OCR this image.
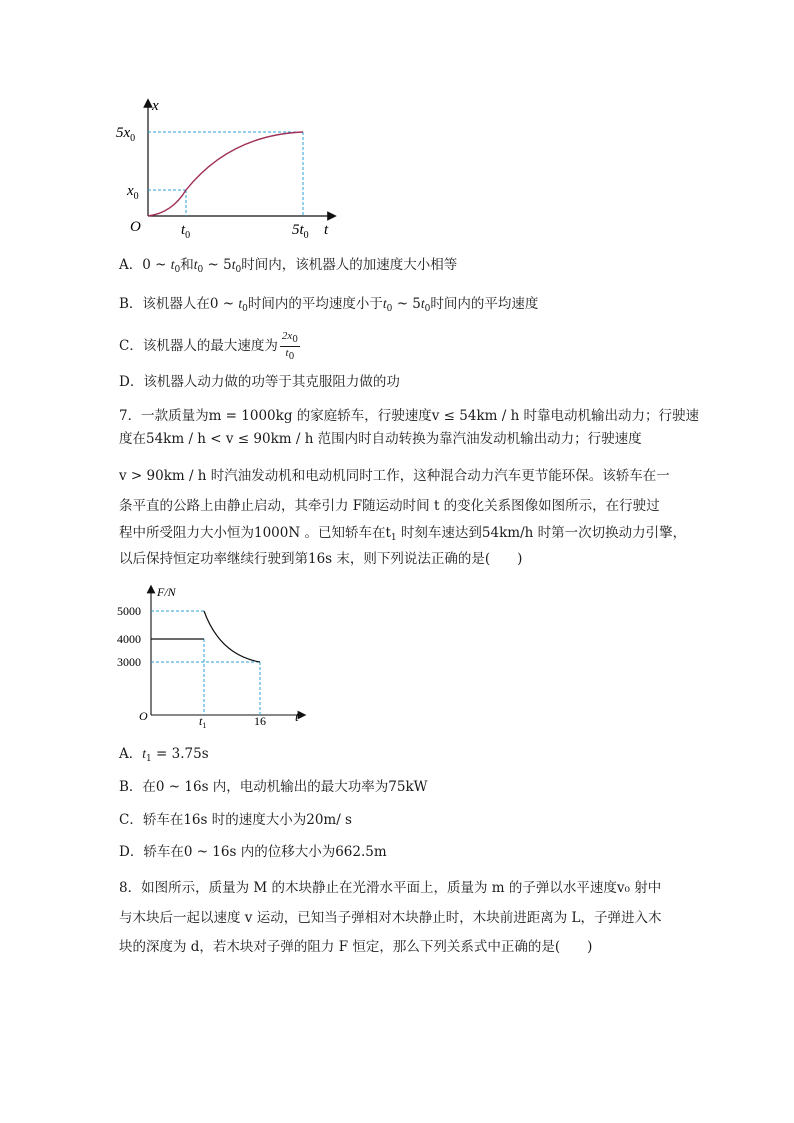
x
t
O
$5x_0$
$x_0$
$t_0$	$5t_0$
A．0 ~ $t_0$和$t_0$ ~ $5t_0$时间内，该机器人的加速度大小相等
B．该机器人在0 ~ $t_0$时间内的平均速度小于$t_0$ ~ $5t_0$时间内的平均速度
C．该机器人的最大速度为 $\frac{2x_0}{t_0}$
D．该机器人动力做的功等于其克服阻力做的功
7．一款质量为m = 1000kg 的家庭轿车，行驶速度v ≤ 54km / h 时靠电动机输出动力；行驶速
度在54km / h < v ≤ 90km / h 范围内时自动转换为靠汽油发动机输出动力；行驶速度
v > 90km / h 时汽油发动机和电动机同时工作，这种混合动力汽车更节能环保。该轿车在一
条平直的公路上由静止启动，其牵引力 F随运动时间 t 的变化关系图像如图所示，在行驶过
程中所受阻力大小恒为1000N 。已知轿车在$t_1$ 时刻车速达到54km/h 时第一次切换动力引擎，
以后保持恒定功率继续行驶到第16s 末，则下列说法正确的是(　　)
F/N
t
O
5000
4000
3000
$t_1$	16
A．$t_1 = 3.75s$
B．在0 ~ 16s 内，电动机输出的最大功率为75kW
C．轿车在16s 时的速度大小为20m/ s
D．轿车在0 ~ 16s 内的位移大小为662.5m
8．如图所示，质量为 M 的木块静止在光滑水平面上，质量为 m 的子弹以水平速度v₀ 射中
与木块后一起以速度 v 运动，已知当子弹相对木块静止时，木块前进距离为 L，子弹进入木
块的深度为 d，若木块对子弹的阻力 F 恒定，那么下列关系式中正确的是(　　)
